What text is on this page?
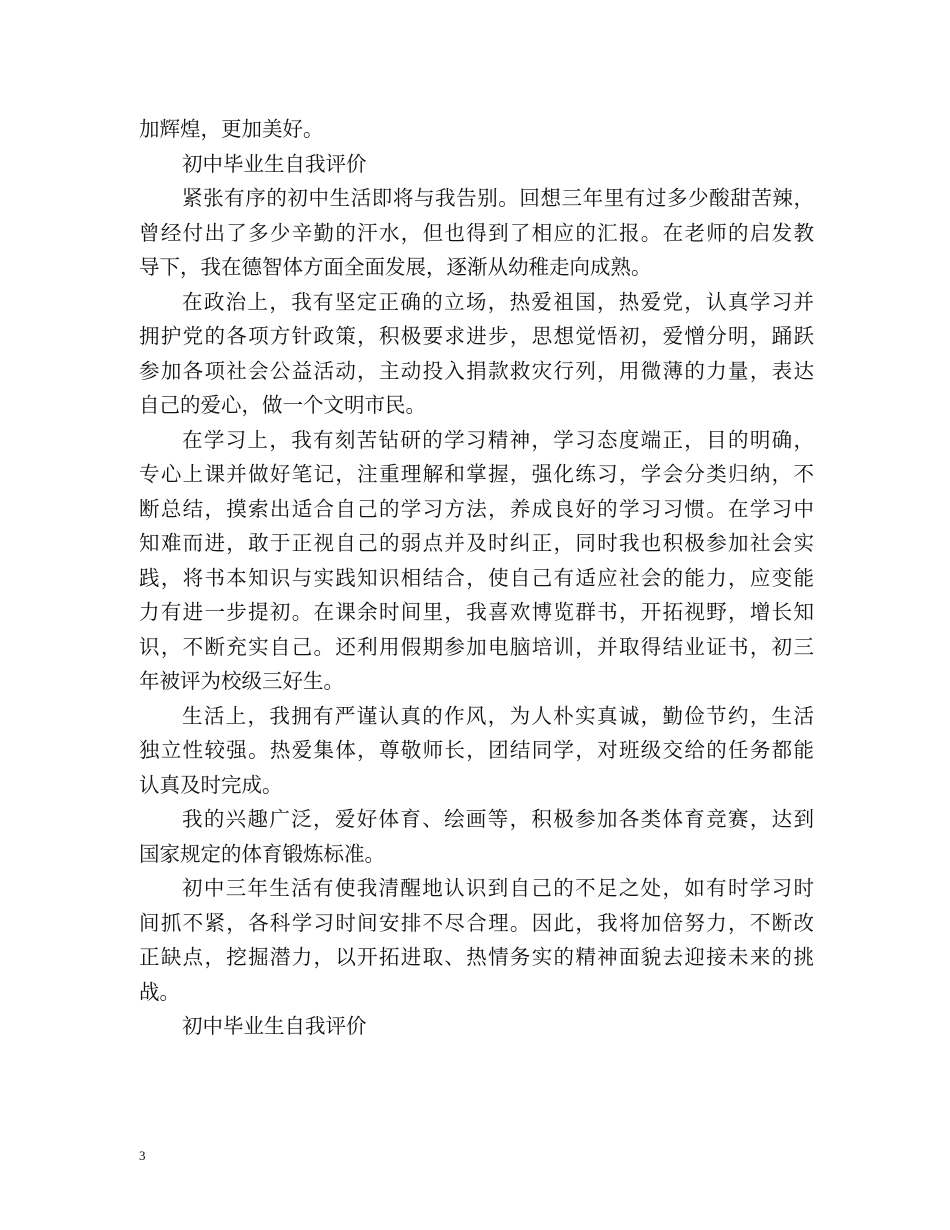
加辉煌，更加美好。
初中毕业生自我评价
紧张有序的初中生活即将与我告别。回想三年里有过多少酸甜苦辣，
曾经付出了多少辛勤的汗水，但也得到了相应的汇报。在老师的启发教
导下，我在德智体方面全面发展，逐渐从幼稚走向成熟。
在政治上，我有坚定正确的立场，热爱祖国，热爱党，认真学习并
拥护党的各项方针政策，积极要求进步，思想觉悟初，爱憎分明，踊跃
参加各项社会公益活动，主动投入捐款救灾行列，用微薄的力量，表达
自己的爱心，做一个文明市民。
在学习上，我有刻苦钻研的学习精神，学习态度端正，目的明确，
专心上课并做好笔记，注重理解和掌握，强化练习，学会分类归纳，不
断总结，摸索出适合自己的学习方法，养成良好的学习习惯。在学习中
知难而进，敢于正视自己的弱点并及时纠正，同时我也积极参加社会实
践，将书本知识与实践知识相结合，使自己有适应社会的能力，应变能
力有进一步提初。在课余时间里，我喜欢博览群书，开拓视野，增长知
识，不断充实自己。还利用假期参加电脑培训，并取得结业证书，初三
年被评为校级三好生。
生活上，我拥有严谨认真的作风，为人朴实真诚，勤俭节约，生活
独立性较强。热爱集体，尊敬师长，团结同学，对班级交给的任务都能
认真及时完成。
我的兴趣广泛，爱好体育、绘画等，积极参加各类体育竞赛，达到
国家规定的体育锻炼标准。
初中三年生活有使我清醒地认识到自己的不足之处，如有时学习时
间抓不紧，各科学习时间安排不尽合理。因此，我将加倍努力，不断改
正缺点，挖掘潜力，以开拓进取、热情务实的精神面貌去迎接未来的挑
战。
初中毕业生自我评价
3
